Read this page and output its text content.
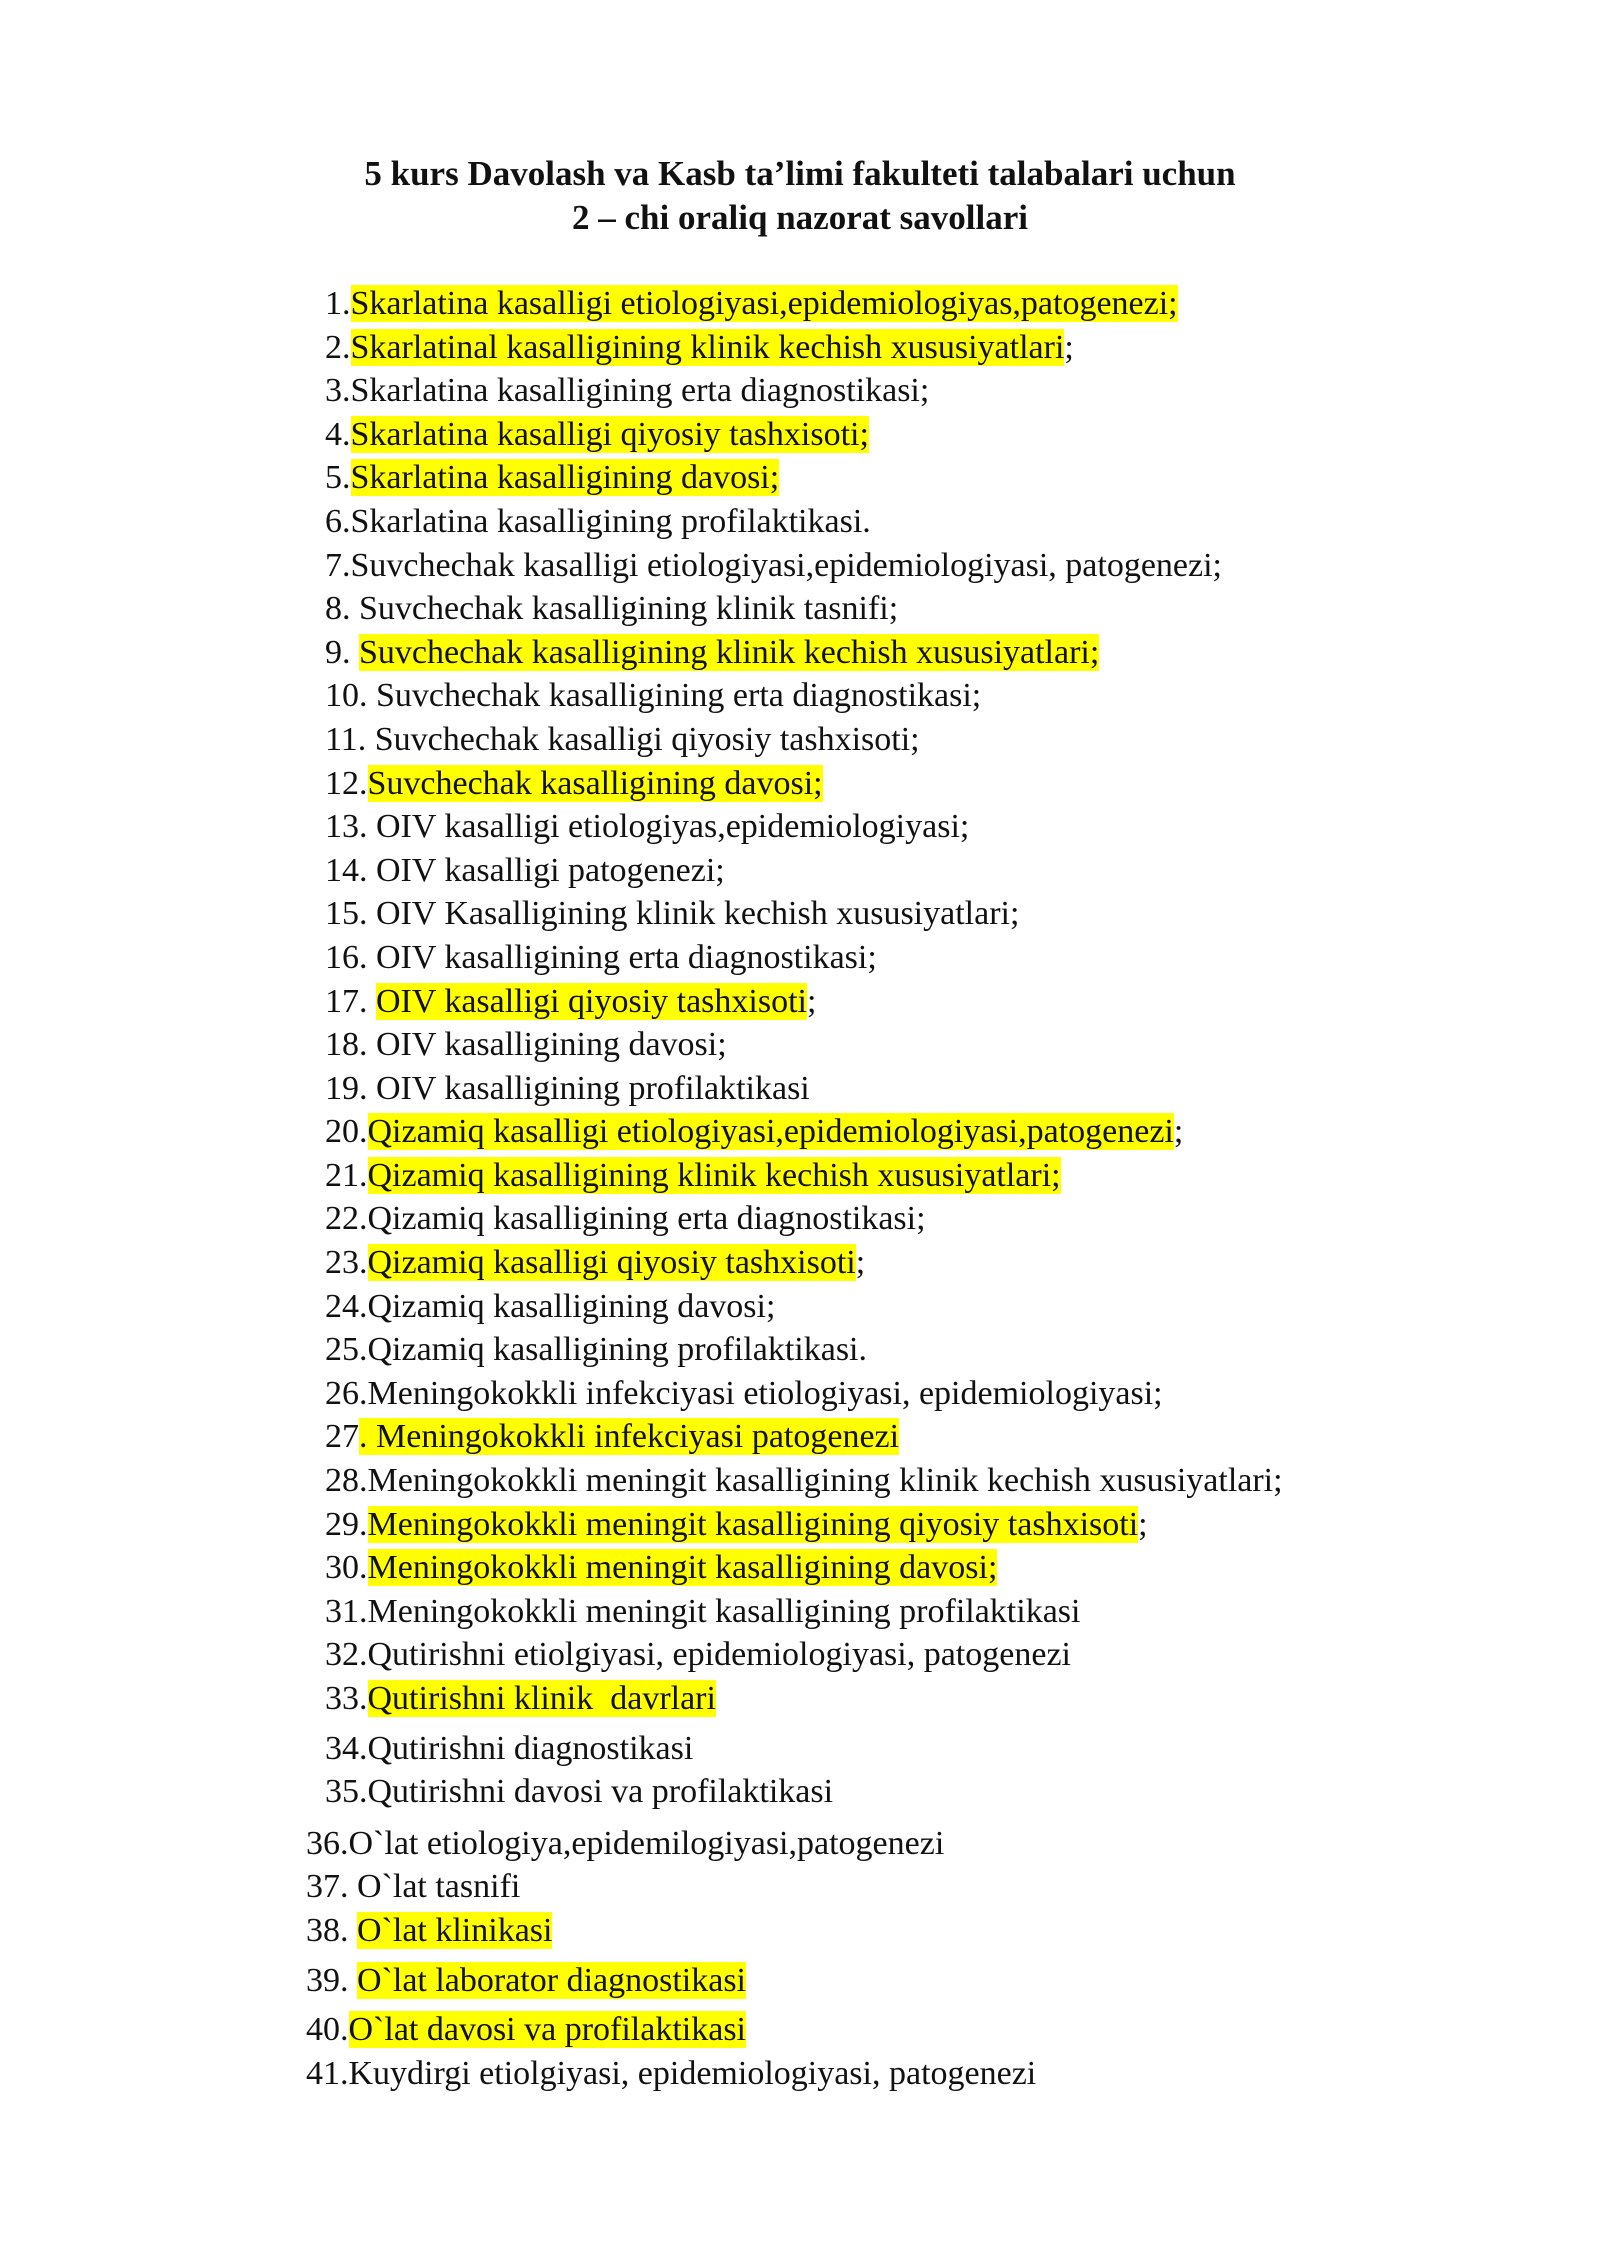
5 kurs Davolash va Kasb ta’limi fakulteti talabalari uchun
2 – chi oraliq nazorat savollari
1.Skarlatina kasalligi etiologiyasi,epidemiologiyas,patogenezi;
2.Skarlatinal kasalligining klinik kechish xususiyatlari;
3.Skarlatina kasalligining erta diagnostikasi;
4.Skarlatina kasalligi qiyosiy tashxisoti;
5.Skarlatina kasalligining davosi;
6.Skarlatina kasalligining profilaktikasi.
7.Suvchechak kasalligi etiologiyasi,epidemiologiyasi, patogenezi;
8. Suvchechak kasalligining klinik tasnifi;
9. Suvchechak kasalligining klinik kechish xususiyatlari;
10. Suvchechak kasalligining erta diagnostikasi;
11. Suvchechak kasalligi qiyosiy tashxisoti;
12.Suvchechak kasalligining davosi;
13. OIV kasalligi etiologiyas,epidemiologiyasi;
14. OIV kasalligi patogenezi;
15. OIV Kasalligining klinik kechish xususiyatlari;
16. OIV kasalligining erta diagnostikasi;
17. OIV kasalligi qiyosiy tashxisoti;
18. OIV kasalligining davosi;
19. OIV kasalligining profilaktikasi
20.Qizamiq kasalligi etiologiyasi,epidemiologiyasi,patogenezi;
21.Qizamiq kasalligining klinik kechish xususiyatlari;
22.Qizamiq kasalligining erta diagnostikasi;
23.Qizamiq kasalligi qiyosiy tashxisoti;
24.Qizamiq kasalligining davosi;
25.Qizamiq kasalligining profilaktikasi.
26.Meningokokkli infekciyasi etiologiyasi, epidemiologiyasi;
27. Meningokokkli infekciyasi patogenezi
28.Meningokokkli meningit kasalligining klinik kechish xususiyatlari;
29.Meningokokkli meningit kasalligining qiyosiy tashxisoti;
30.Meningokokkli meningit kasalligining davosi;
31.Meningokokkli meningit kasalligining profilaktikasi
32.Qutirishni etiolgiyasi, epidemiologiyasi, patogenezi
33.Qutirishni klinik  davrlari
34.Qutirishni diagnostikasi
35.Qutirishni davosi va profilaktikasi
36.O`lat etiologiya,epidemilogiyasi,patogenezi
37. O`lat tasnifi
38. O`lat klinikasi
39. O`lat laborator diagnostikasi
40.O`lat davosi va profilaktikasi
41.Kuydirgi etiolgiyasi, epidemiologiyasi, patogenezi
